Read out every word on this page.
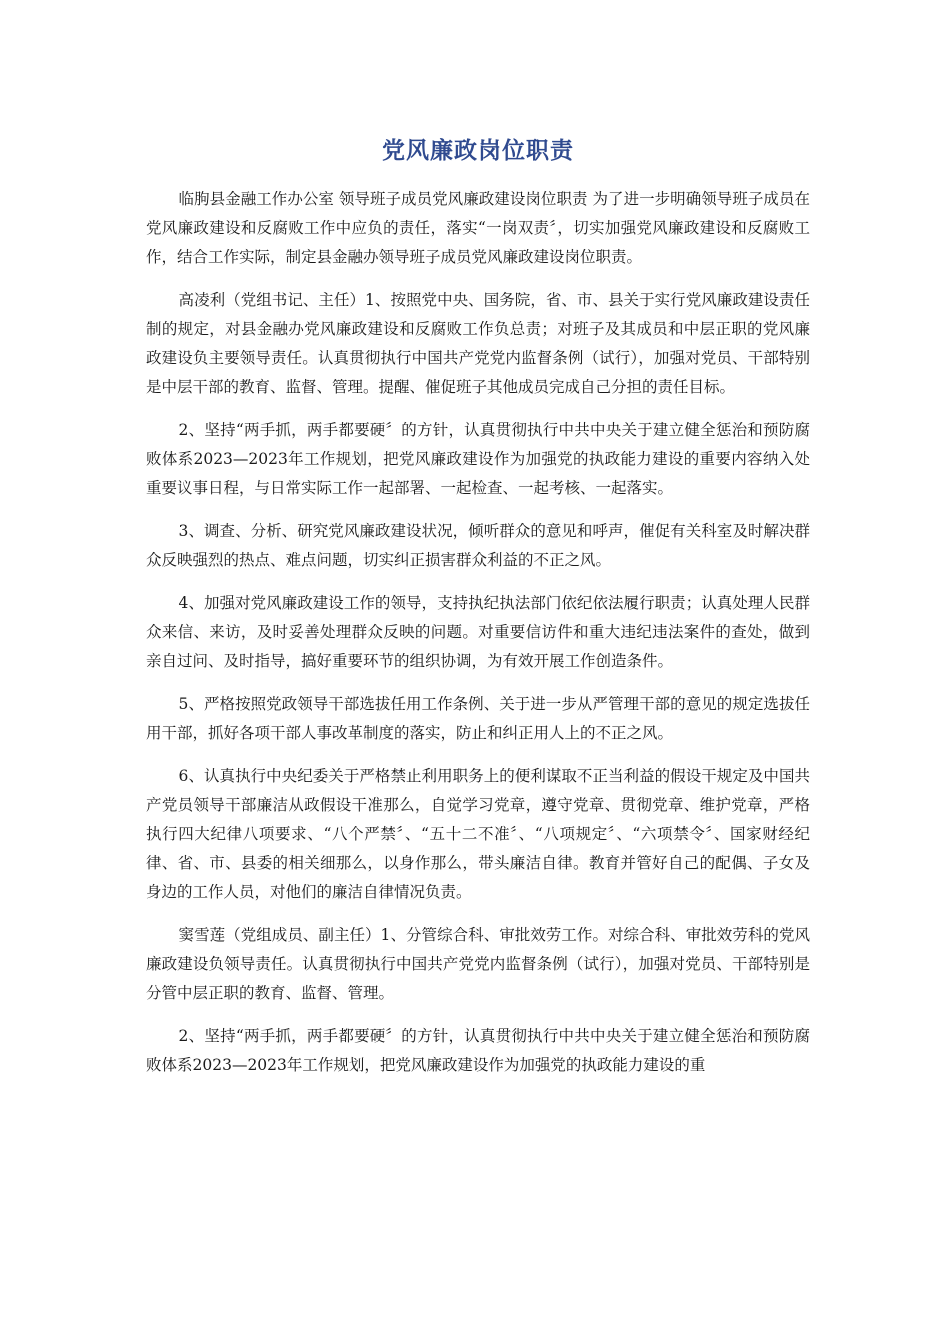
党风廉政岗位职责

临朐县金融工作办公室 领导班子成员党风廉政建设岗位职责 为了进一步明确领导班子成员在党风廉政建设和反腐败工作中应负的责任，落实“一岗双责〞，切实加强党风廉政建设和反腐败工作，结合工作实际，制定县金融办领导班子成员党风廉政建设岗位职责。

高凌利（党组书记、主任）1、按照党中央、国务院，省、市、县关于实行党风廉政建设责任制的规定，对县金融办党风廉政建设和反腐败工作负总责；对班子及其成员和中层正职的党风廉政建设负主要领导责任。认真贯彻执行中国共产党党内监督条例（试行），加强对党员、干部特别是中层干部的教育、监督、管理。提醒、催促班子其他成员完成自己分担的责任目标。

2、坚持“两手抓，两手都要硬〞的方针，认真贯彻执行中共中央关于建立健全惩治和预防腐败体系2023—2023年工作规划，把党风廉政建设作为加强党的执政能力建设的重要内容纳入处重要议事日程，与日常实际工作一起部署、一起检查、一起考核、一起落实。

3、调查、分析、研究党风廉政建设状况，倾听群众的意见和呼声，催促有关科室及时解决群众反映强烈的热点、难点问题，切实纠正损害群众利益的不正之风。

4、加强对党风廉政建设工作的领导，支持执纪执法部门依纪依法履行职责；认真处理人民群众来信、来访，及时妥善处理群众反映的问题。对重要信访件和重大违纪违法案件的查处，做到亲自过问、及时指导，搞好重要环节的组织协调，为有效开展工作创造条件。

5、严格按照党政领导干部选拔任用工作条例、关于进一步从严管理干部的意见的规定选拔任用干部，抓好各项干部人事改革制度的落实，防止和纠正用人上的不正之风。

6、认真执行中央纪委关于严格禁止利用职务上的便利谋取不正当利益的假设干规定及中国共产党员领导干部廉洁从政假设干准那么，自觉学习党章，遵守党章、贯彻党章、维护党章，严格执行四大纪律八项要求、“八个严禁〞、“五十二不准〞、“八项规定〞、“六项禁令〞、国家财经纪律、省、市、县委的相关细那么，以身作那么，带头廉洁自律。教育并管好自己的配偶、子女及身边的工作人员，对他们的廉洁自律情况负责。

窦雪莲（党组成员、副主任）1、分管综合科、审批效劳工作。对综合科、审批效劳科的党风廉政建设负领导责任。认真贯彻执行中国共产党党内监督条例（试行），加强对党员、干部特别是分管中层正职的教育、监督、管理。

2、坚持“两手抓，两手都要硬〞的方针，认真贯彻执行中共中央关于建立健全惩治和预防腐败体系2023—2023年工作规划，把党风廉政建设作为加强党的执政能力建设的重
